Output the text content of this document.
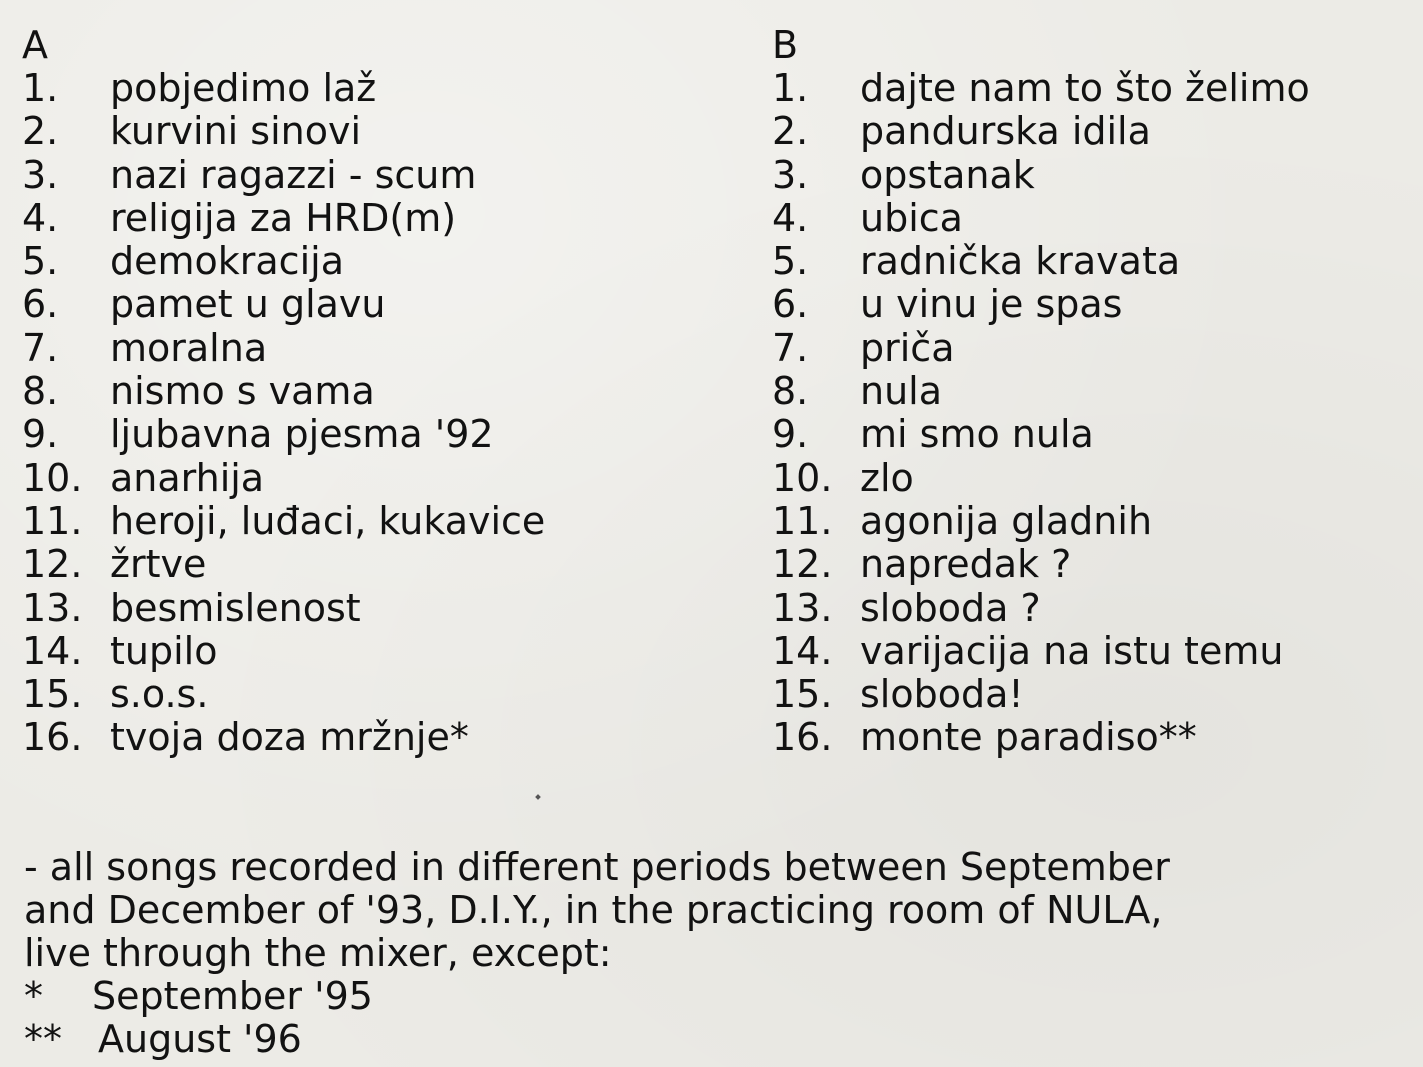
A
1.	pobjedimo laž
2.	kurvini sinovi
3.	nazi ragazzi - scum
4.	religija za HRD(m)
5.	demokracija
6.	pamet u glavu
7.	moralna
8.	nismo s vama
9.	ljubavna pjesma '92
10. anarhija
11. heroji, luđaci, kukavice
12. žrtve
13. besmislenost
14. tupilo
15. s.o.s.
16. tvoja doza mržnje*
B
1.	dajte nam to što želimo
2.	pandurska idila
3.	opstanak
4.	ubica
5.	radnička kravata
6.	u vinu je spas
7.	priča
8.	nula
9.	mi smo nula
10. zlo
11. agonija gladnih
12. napredak ?
13. sloboda ?
14. varijacija na istu temu
15. sloboda!
16. monte paradiso**
- all songs recorded in different periods between September
and December of '93, D.I.Y., in the practicing room of NULA,
live through the mixer, except:
*	September '95
** August '96
